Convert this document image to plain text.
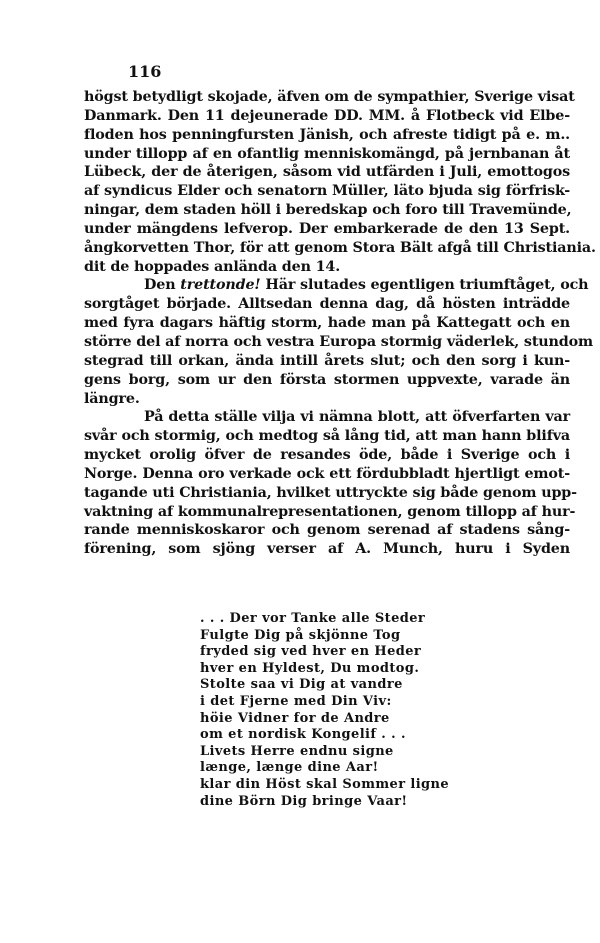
116
högst betydligt skojade, äfven om de sympathier, Sverige visat
Danmark. Den 11 dejeunerade DD. MM. å Flotbeck vid Elbe-
floden hos penningfursten Jänish, och afreste tidigt på e. m..
under tillopp af en ofantlig menniskomängd, på jernbanan åt
Lübeck, der de återigen, såsom vid utfärden i Juli, emottogos
af syndicus Elder och senatorn Müller, läto bjuda sig förfrisk-
ningar, dem staden höll i beredskap och foro till Travemünde,
under mängdens lefverop. Der embarkerade de den 13 Sept.
ångkorvetten Thor, för att genom Stora Bält afgå till Christiania.
dit de hoppades anlända den 14.
Den trettonde! Här slutades egentligen triumftåget, och
sorgtåget började. Alltsedan denna dag, då hösten inträdde
med fyra dagars häftig storm, hade man på Kattegatt och en
större del af norra och vestra Europa stormig väderlek, stundom
stegrad till orkan, ända intill årets slut; och den sorg i kun-
gens borg, som ur den första stormen uppvexte, varade än
längre.
På detta ställe vilja vi nämna blott, att öfverfarten var
svår och stormig, och medtog så lång tid, att man hann blifva
mycket orolig öfver de resandes öde, både i Sverige och i
Norge. Denna oro verkade ock ett fördubbladt hjertligt emot-
tagande uti Christiania, hvilket uttryckte sig både genom upp-
vaktning af kommunalrepresentationen, genom tillopp af hur-
rande menniskoskaror och genom serenad af stadens sång-
förening, som sjöng verser af A. Munch, huru i Syden
. . . Der vor Tanke alle Steder
Fulgte Dig på skjönne Tog
fryded sig ved hver en Heder
hver en Hyldest, Du modtog.
Stolte saa vi Dig at vandre
i det Fjerne med Din Viv:
höie Vidner for de Andre
om et nordisk Kongelif . . .
Livets Herre endnu signe
længe, længe dine Aar!
klar din Höst skal Sommer ligne
dine Börn Dig bringe Vaar!
